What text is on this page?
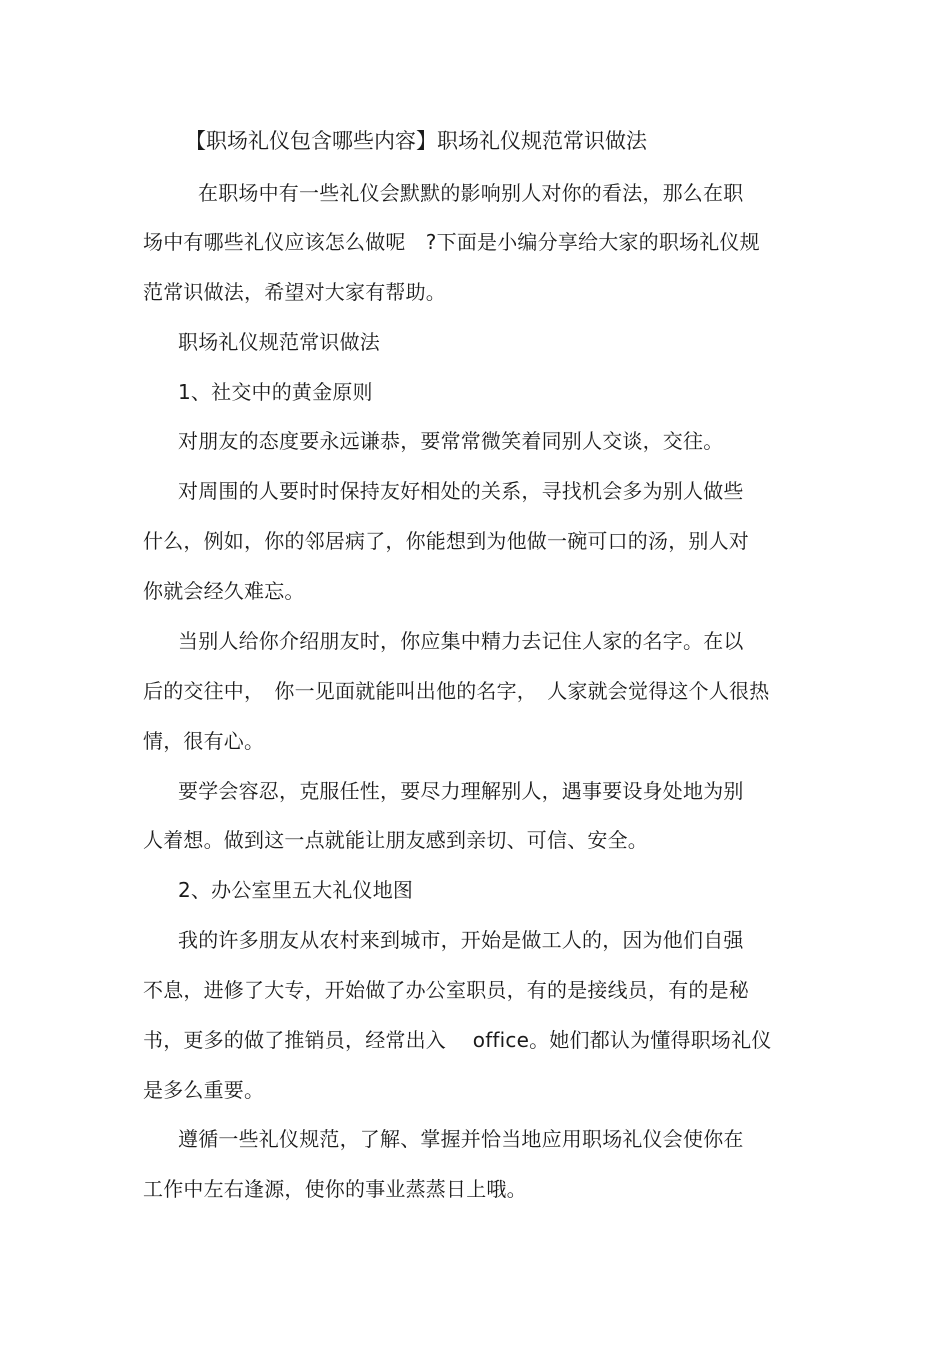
【职场礼仪包含哪些内容】职场礼仪规范常识做法
在职场中有一些礼仪会默默的影响别人对你的看法，那么在职
场中有哪些礼仪应该怎么做呢　?下面是小编分享给大家的职场礼仪规
范常识做法，希望对大家有帮助。
职场礼仪规范常识做法
1、社交中的黄金原则
对朋友的态度要永远谦恭，要常常微笑着同别人交谈，交往。
对周围的人要时时保持友好相处的关系，寻找机会多为别人做些
什么，例如，你的邻居病了，你能想到为他做一碗可口的汤，别人对
你就会经久难忘。
当别人给你介绍朋友时，你应集中精力去记住人家的名字。在以
后的交往中，　你一见面就能叫出他的名字，　人家就会觉得这个人很热
情，很有心。
要学会容忍，克服任性，要尽力理解别人，遇事要设身处地为别
人着想。做到这一点就能让朋友感到亲切、可信、安全。
2、办公室里五大礼仪地图
我的许多朋友从农村来到城市，开始是做工人的，因为他们自强
不息，进修了大专，开始做了办公室职员，有的是接线员，有的是秘
书，更多的做了推销员，经常出入　 office。她们都认为懂得职场礼仪
是多么重要。
遵循一些礼仪规范，了解、掌握并恰当地应用职场礼仪会使你在
工作中左右逢源，使你的事业蒸蒸日上哦。
